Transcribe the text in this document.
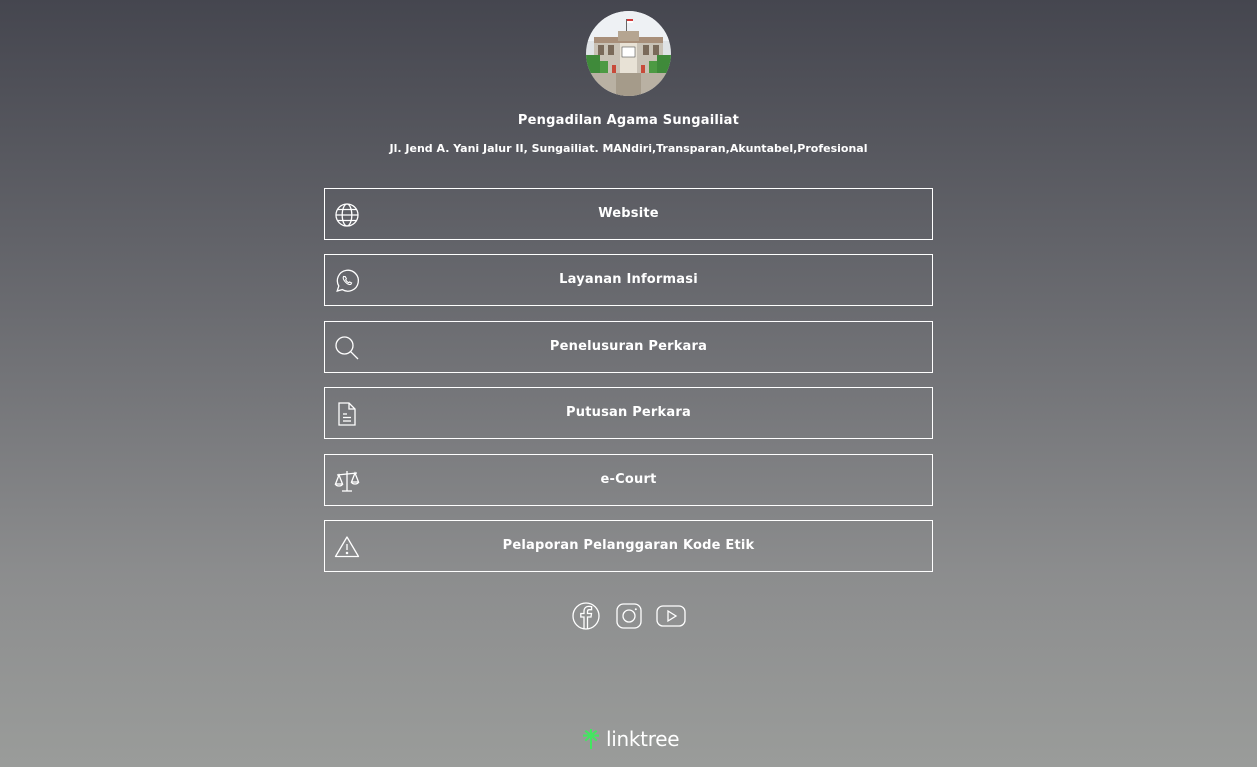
Pengadilan Agama Sungailiat
Jl. Jend A. Yani Jalur II, Sungailiat. MANdiri,Transparan,Akuntabel,Profesional
Website
Layanan Informasi
Penelusuran Perkara
Putusan Perkara
e-Court
Pelaporan Pelanggaran Kode Etik
linktree
